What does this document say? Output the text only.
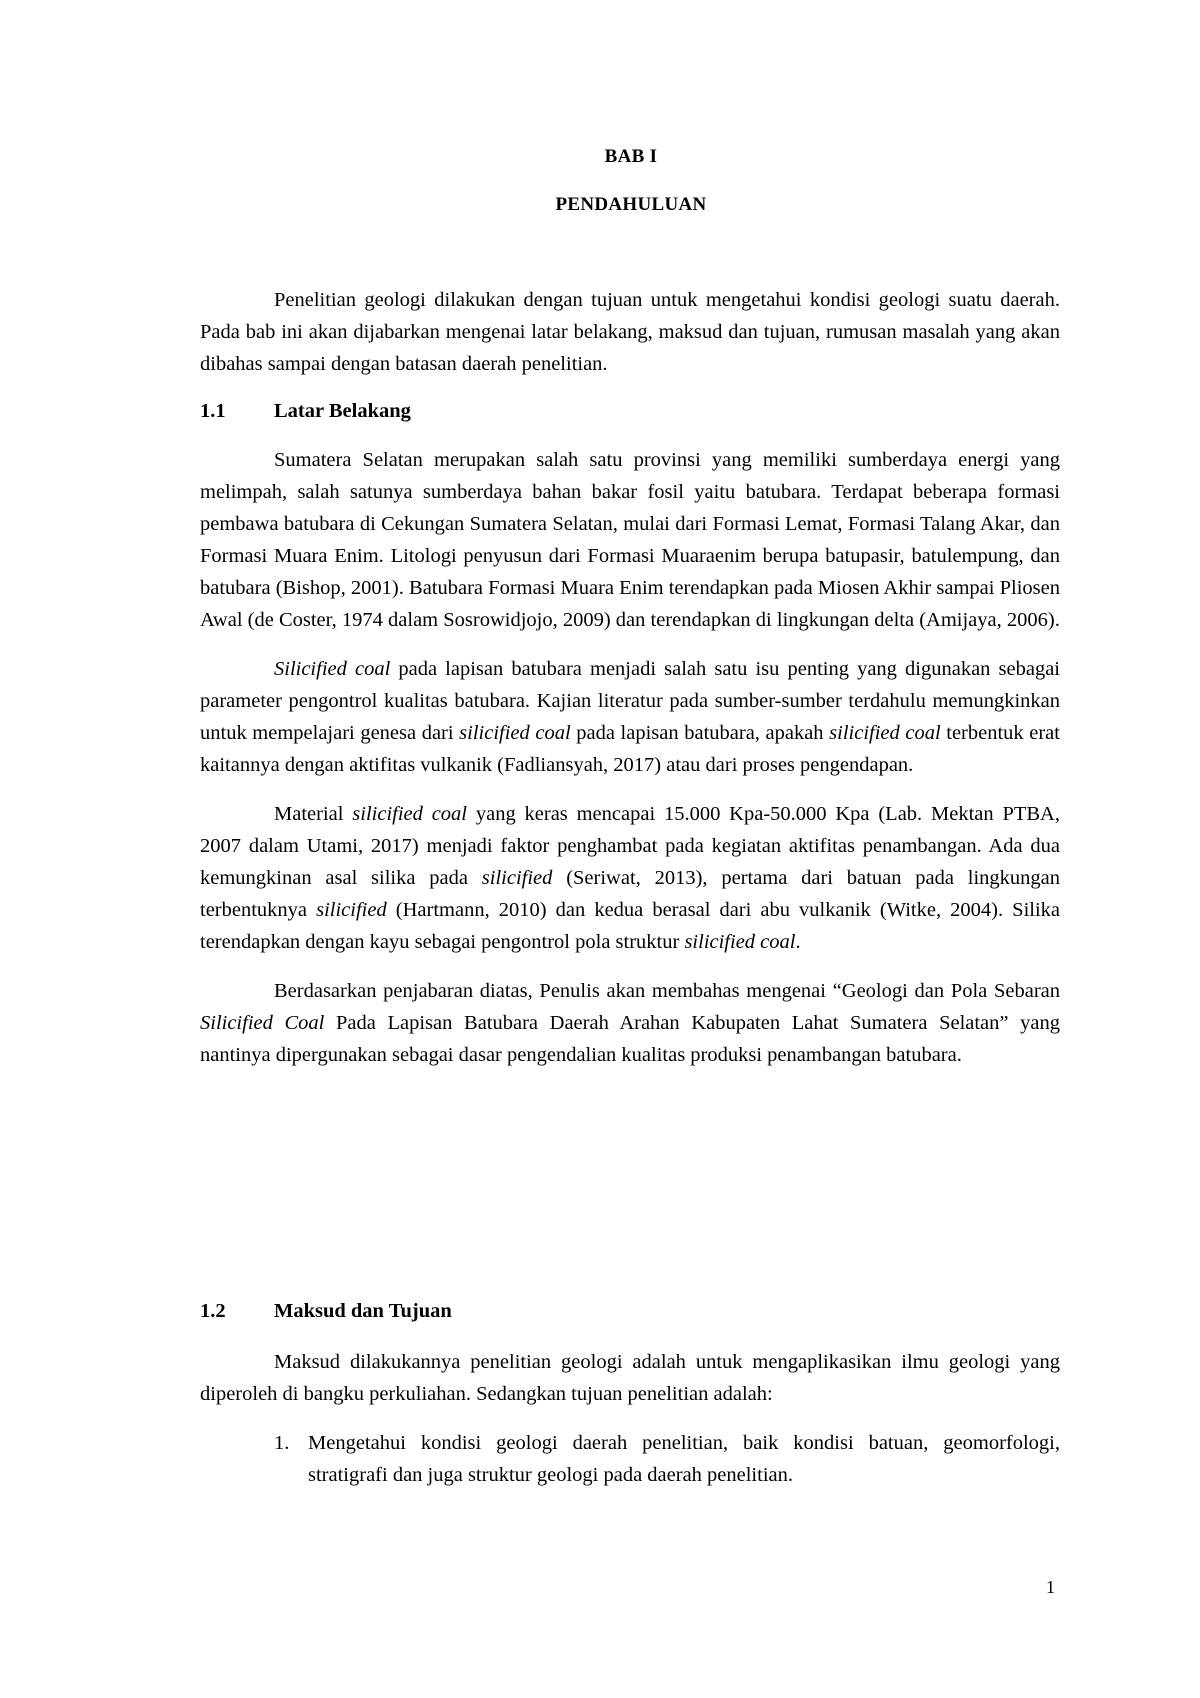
BAB I
PENDAHULUAN

Penelitian geologi dilakukan dengan tujuan untuk mengetahui kondisi geologi suatu daerah. Pada bab ini akan dijabarkan mengenai latar belakang, maksud dan tujuan, rumusan masalah yang akan dibahas sampai dengan batasan daerah penelitian.

1.1 Latar Belakang

Sumatera Selatan merupakan salah satu provinsi yang memiliki sumberdaya energi yang melimpah, salah satunya sumberdaya bahan bakar fosil yaitu batubara. Terdapat beberapa formasi pembawa batubara di Cekungan Sumatera Selatan, mulai dari Formasi Lemat, Formasi Talang Akar, dan Formasi Muara Enim. Litologi penyusun dari Formasi Muaraenim berupa batupasir, batulempung, dan batubara (Bishop, 2001). Batubara Formasi Muara Enim terendapkan pada Miosen Akhir sampai Pliosen Awal (de Coster, 1974 dalam Sosrowidjojo, 2009) dan terendapkan di lingkungan delta (Amijaya, 2006).

Silicified coal pada lapisan batubara menjadi salah satu isu penting yang digunakan sebagai parameter pengontrol kualitas batubara. Kajian literatur pada sumber-sumber terdahulu memungkinkan untuk mempelajari genesa dari silicified coal pada lapisan batubara, apakah silicified coal terbentuk erat kaitannya dengan aktifitas vulkanik (Fadliansyah, 2017) atau dari proses pengendapan.

Material silicified coal yang keras mencapai 15.000 Kpa-50.000 Kpa (Lab. Mektan PTBA, 2007 dalam Utami, 2017) menjadi faktor penghambat pada kegiatan aktifitas penambangan. Ada dua kemungkinan asal silika pada silicified (Seriwat, 2013), pertama dari batuan pada lingkungan terbentuknya silicified (Hartmann, 2010) dan kedua berasal dari abu vulkanik (Witke, 2004). Silika terendapkan dengan kayu sebagai pengontrol pola struktur silicified coal.

Berdasarkan penjabaran diatas, Penulis akan membahas mengenai “Geologi dan Pola Sebaran Silicified Coal Pada Lapisan Batubara Daerah Arahan Kabupaten Lahat Sumatera Selatan” yang nantinya dipergunakan sebagai dasar pengendalian kualitas produksi penambangan batubara.

1.2 Maksud dan Tujuan

Maksud dilakukannya penelitian geologi adalah untuk mengaplikasikan ilmu geologi yang diperoleh di bangku perkuliahan. Sedangkan tujuan penelitian adalah:

1. Mengetahui kondisi geologi daerah penelitian, baik kondisi batuan, geomorfologi, stratigrafi dan juga struktur geologi pada daerah penelitian.
1
